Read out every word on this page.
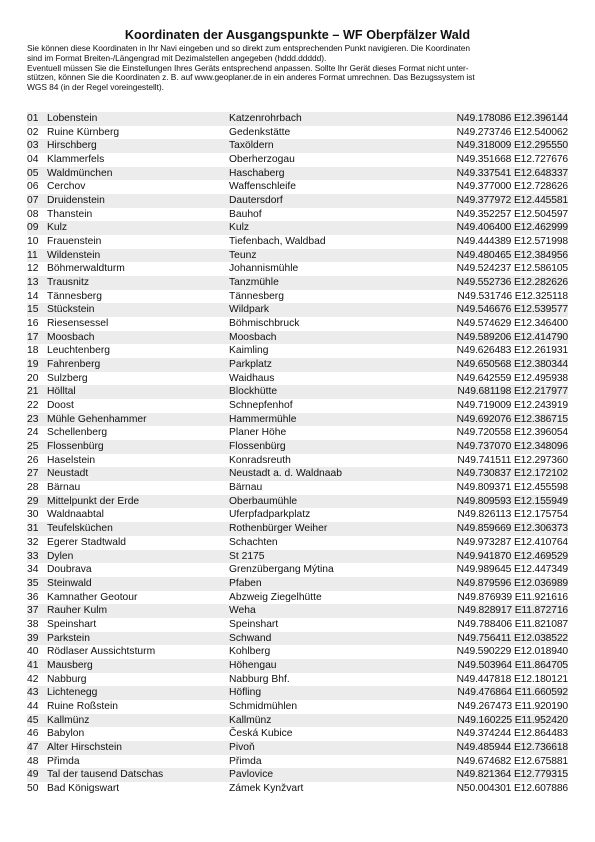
Koordinaten der Ausgangspunkte – WF Oberpfälzer Wald
Sie können diese Koordinaten in Ihr Navi eingeben und so direkt zum entsprechenden Punkt navigieren. Die Koordinaten
sind im Format Breiten-/Längengrad mit Dezimalstellen angegeben (hddd.ddddd).
Eventuell müssen Sie die Einstellungen Ihres Geräts entsprechend anpassen. Sollte Ihr Gerät dieses Format nicht unter-
stützen, können Sie die Koordinaten z. B. auf www.geoplaner.de in ein anderes Format umrechnen. Das Bezugssystem ist
WGS 84 (in der Regel voreingestellt).
01 Lobenstein	Katzenrohrbach	N49.178086 E12.396144
02 Ruine Kürnberg	Gedenkstätte	N49.273746 E12.540062
03 Hirschberg	Taxöldern	N49.318009 E12.295550
04 Klammerfels	Oberherzogau	N49.351668 E12.727676
05 Waldmünchen	Haschaberg	N49.337541 E12.648337
06 Cerchov	Waffenschleife	N49.377000 E12.728626
07 Druidenstein	Dautersdorf	N49.377972 E12.445581
08 Thanstein	Bauhof	N49.352257 E12.504597
09 Kulz	Kulz	N49.406400 E12.462999
10 Frauenstein	Tiefenbach, Waldbad	N49.444389 E12.571998
11 Wildenstein	Teunz	N49.480465 E12.384956
12 Böhmerwaldturm	Johannismühle	N49.524237 E12.586105
13 Trausnitz	Tanzmühle	N49.552736 E12.282626
14 Tännesberg	Tännesberg	N49.531746 E12.325118
15 Stückstein	Wildpark	N49.546676 E12.539577
16 Riesensessel	Böhmischbruck	N49.574629 E12.346400
17 Moosbach	Moosbach	N49.589206 E12.414790
18 Leuchtenberg	Kaimling	N49.626483 E12.261931
19 Fahrenberg	Parkplatz	N49.650568 E12.380344
20 Sulzberg	Waidhaus	N49.642559 E12.495938
21 Hölltal	Blockhütte	N49.681198 E12.217977
22 Doost	Schnepfenhof	N49.719009 E12.243919
23 Mühle Gehenhammer	Hammermühle	N49.692076 E12.386715
24 Schellenberg	Planer Höhe	N49.720558 E12.396054
25 Flossenbürg	Flossenbürg	N49.737070 E12.348096
26 Haselstein	Konradsreuth	N49.741511 E12.297360
27 Neustadt	Neustadt a. d. Waldnaab	N49.730837 E12.172102
28 Bärnau	Bärnau	N49.809371 E12.455598
29 Mittelpunkt der Erde	Oberbaumühle	N49.809593 E12.155949
30 Waldnaabtal	Uferpfadparkplatz	N49.826113 E12.175754
31 Teufelsküchen	Rothenbürger Weiher	N49.859669 E12.306373
32 Egerer Stadtwald	Schachten	N49.973287 E12.410764
33 Dylen	St 2175	N49.941870 E12.469529
34 Doubrava	Grenzübergang Mýtina	N49.989645 E12.447349
35 Steinwald	Pfaben	N49.879596 E12.036989
36 Kamnather Geotour	Abzweig Ziegelhütte	N49.876939 E11.921616
37 Rauher Kulm	Weha	N49.828917 E11.872716
38 Speinshart	Speinshart	N49.788406 E11.821087
39 Parkstein	Schwand	N49.756411 E12.038522
40 Rödlaser Aussichtsturm	Kohlberg	N49.590229 E12.018940
41 Mausberg	Höhengau	N49.503964 E11.864705
42 Nabburg	Nabburg Bhf.	N49.447818 E12.180121
43 Lichtenegg	Höfling	N49.476864 E11.660592
44 Ruine Roßstein	Schmidmühlen	N49.267473 E11.920190
45 Kallmünz	Kallmünz	N49.160225 E11.952420
46 Babylon	Česká Kubice	N49.374244 E12.864483
47 Alter Hirschstein	Pivoň	N49.485944 E12.736618
48 Přimda	Přimda	N49.674682 E12.675881
49 Tal der tausend Datschas	Pavlovice	N49.821364 E12.779315
50 Bad Königswart	Zámek Kynžvart	N50.004301 E12.607886
